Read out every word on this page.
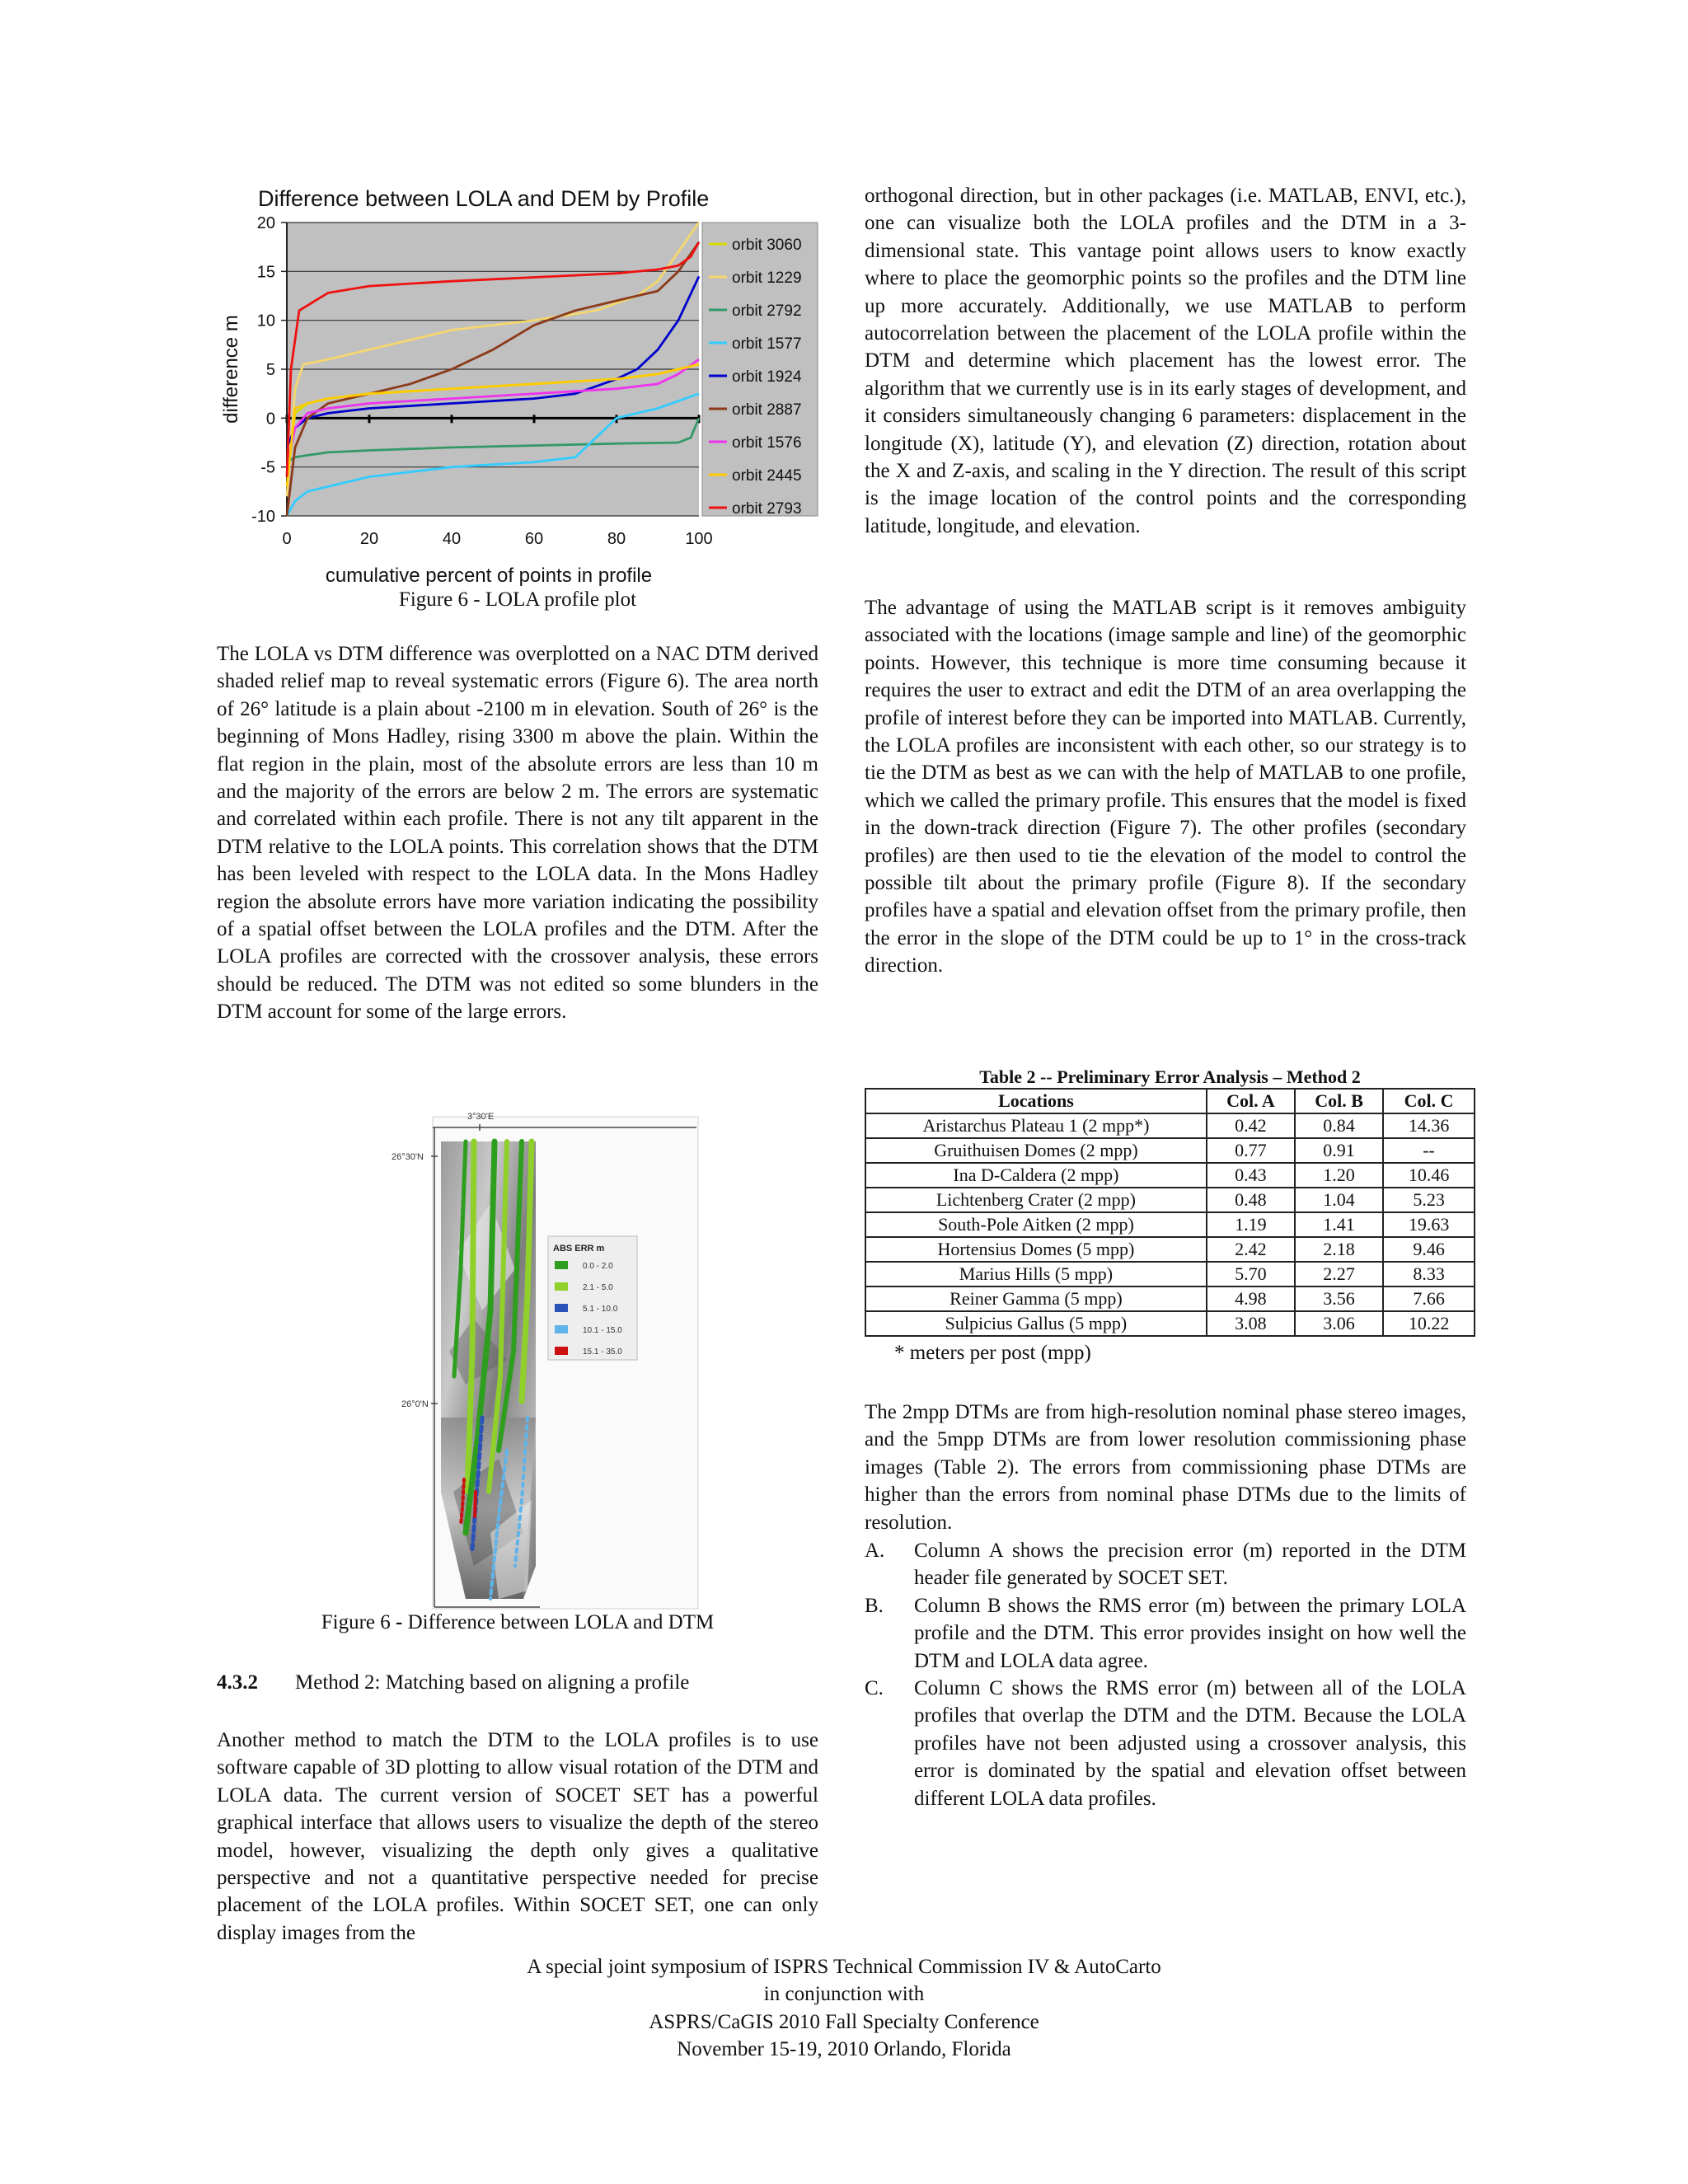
Difference between LOLA and DEM by Profile
-10
-5
0
5
10
15
20
0	20	40	60	80	100
cumulative percent of points in profile
difference m
orbit 3060
orbit 1229
orbit 2792
orbit 1577
orbit 1924
orbit 2887
orbit 1576
orbit 2445
orbit 2793
Figure 6 - LOLA profile plot

The LOLA vs DTM difference was overplotted on a NAC DTM derived shaded relief map to reveal systematic errors (Figure 6). The area north of 26° latitude is a plain about -2100 m in elevation. South of 26° is the beginning of Mons Hadley, rising 3300 m above the plain. Within the flat region in the plain, most of the absolute errors are less than 10 m and the majority of the errors are below 2 m. The errors are systematic and correlated within each profile. There is not any tilt apparent in the DTM relative to the LOLA points. This correlation shows that the DTM has been leveled with respect to the LOLA data. In the Mons Hadley region the absolute errors have more variation indicating the possibility of a spatial offset between the LOLA profiles and the DTM. After the LOLA profiles are corrected with the crossover analysis, these errors should be reduced. The DTM was not edited so some blunders in the DTM account for some of the large errors.

3°30'E
26°30'N
26°0'N
ABS ERR m
0.0 - 2.0
2.1 - 5.0
5.1 - 10.0
10.1 - 15.0
15.1 - 35.0
Figure 6 - Difference between LOLA and DTM
4.3.2 Method 2: Matching based on aligning a profile

Another method to match the DTM to the LOLA profiles is to use software capable of 3D plotting to allow visual rotation of the DTM and LOLA data. The current version of SOCET SET has a powerful graphical interface that allows users to visualize the depth of the stereo model, however, visualizing the depth only gives a qualitative perspective and not a quantitative perspective needed for precise placement of the LOLA profiles. Within SOCET SET, one can only display images from the

orthogonal direction, but in other packages (i.e. MATLAB, ENVI, etc.), one can visualize both the LOLA profiles and the DTM in a 3-dimensional state. This vantage point allows users to know exactly where to place the geomorphic points so the profiles and the DTM line up more accurately. Additionally, we use MATLAB to perform autocorrelation between the placement of the LOLA profile within the DTM and determine which placement has the lowest error. The algorithm that we currently use is in its early stages of development, and it considers simultaneously changing 6 parameters: displacement in the longitude (X), latitude (Y), and elevation (Z) direction, rotation about the X and Z-axis, and scaling in the Y direction. The result of this script is the image location of the control points and the corresponding latitude, longitude, and elevation.

The advantage of using the MATLAB script is it removes ambiguity associated with the locations (image sample and line) of the geomorphic points. However, this technique is more time consuming because it requires the user to extract and edit the DTM of an area overlapping the profile of interest before they can be imported into MATLAB. Currently, the LOLA profiles are inconsistent with each other, so our strategy is to tie the DTM as best as we can with the help of MATLAB to one profile, which we called the primary profile. This ensures that the model is fixed in the down-track direction (Figure 7). The other profiles (secondary profiles) are then used to tie the elevation of the model to control the possible tilt about the primary profile (Figure 8). If the secondary profiles have a spatial and elevation offset from the primary profile, then the error in the slope of the DTM could be up to 1° in the cross-track direction.

Table 2 -- Preliminary Error Analysis – Method 2
Locations	Col. A	Col. B	Col. C
Aristarchus Plateau 1 (2 mpp*)	0.42	0.84	14.36
Gruithuisen Domes (2 mpp)	0.77	0.91	--
Ina D-Caldera (2 mpp)	0.43	1.20	10.46
Lichtenberg Crater (2 mpp)	0.48	1.04	5.23
South-Pole Aitken (2 mpp)	1.19	1.41	19.63
Hortensius Domes (5 mpp)	2.42	2.18	9.46
Marius Hills (5 mpp)	5.70	2.27	8.33
Reiner Gamma (5 mpp)	4.98	3.56	7.66
Sulpicius Gallus (5 mpp)	3.08	3.06	10.22
* meters per post (mpp)

The 2mpp DTMs are from high-resolution nominal phase stereo images, and the 5mpp DTMs are from lower resolution commissioning phase images (Table 2). The errors from commissioning phase DTMs are higher than the errors from nominal phase DTMs due to the limits of resolution.

A. Column A shows the precision error (m) reported in the DTM header file generated by SOCET SET.
B. Column B shows the RMS error (m) between the primary LOLA profile and the DTM. This error provides insight on how well the DTM and LOLA data agree.
C. Column C shows the RMS error (m) between all of the LOLA profiles that overlap the DTM and the DTM. Because the LOLA profiles have not been adjusted using a crossover analysis, this error is dominated by the spatial and elevation offset between different LOLA data profiles.
A special joint symposium of ISPRS Technical Commission IV & AutoCarto
in conjunction with
ASPRS/CaGIS 2010 Fall Specialty Conference
November 15-19, 2010 Orlando, Florida
